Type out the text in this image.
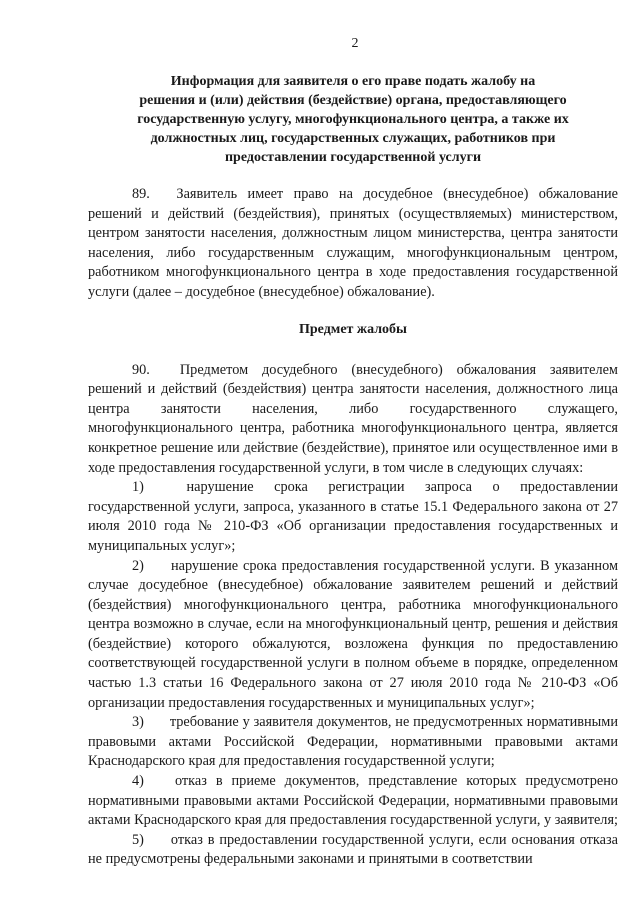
2
Информация для заявителя о его праве подать жалобу на
решения и (или) действия (бездействие) органа, предоставляющего
государственную услугу, многофункционального центра, а также их
должностных лиц, государственных служащих, работников при
предоставлении государственной услуги

89. Заявитель имеет право на досудебное (внесудебное) обжалование решений и действий (бездействия), принятых (осуществляемых) министерством, центром занятости населения, должностным лицом министерства, центра занятости населения, либо государственным служащим, многофункциональным центром, работником многофункционального центра в ходе предоставления государственной услуги (далее – досудебное (внесудебное) обжалование).

Предмет жалобы

90. Предметом досудебного (внесудебного) обжалования заявителем решений и действий (бездействия) центра занятости населения, должностного лица центра занятости населения, либо государственного служащего, многофункционального центра, работника многофункционального центра, является конкретное решение или действие (бездействие), принятое или осуществленное ими в ходе предоставления государственной услуги, в том числе в следующих случаях:

1)	нарушение срока регистрации запроса о предоставлении государственной услуги, запроса, указанного в статье 15.1 Федерального закона от 27 июля 2010 года № 210-ФЗ «Об организации предоставления государственных и муниципальных услуг»;

2) нарушение срока предоставления государственной услуги. В указанном случае досудебное (внесудебное) обжалование заявителем решений и действий (бездействия) многофункционального центра, работника многофункционального центра возможно в случае, если на многофункциональный центр, решения и действия (бездействие) которого обжалуются, возложена функция по предоставлению соответствующей государственной услуги в полном объеме в порядке, определенном частью 1.3 статьи 16 Федерального закона от 27 июля 2010 года № 210-ФЗ «Об организации предоставления государственных и муниципальных услуг»;

3) требование у заявителя документов, не предусмотренных нормативными правовыми актами Российской Федерации, нормативными правовыми актами Краснодарского края для предоставления государственной услуги;

4) отказ в приеме документов, представление которых предусмотрено нормативными правовыми актами Российской Федерации, нормативными правовыми актами Краснодарского края для предоставления государственной услуги, у заявителя;

5) отказ в предоставлении государственной услуги, если основания отказа не предусмотрены федеральными законами и принятыми в соответствии
